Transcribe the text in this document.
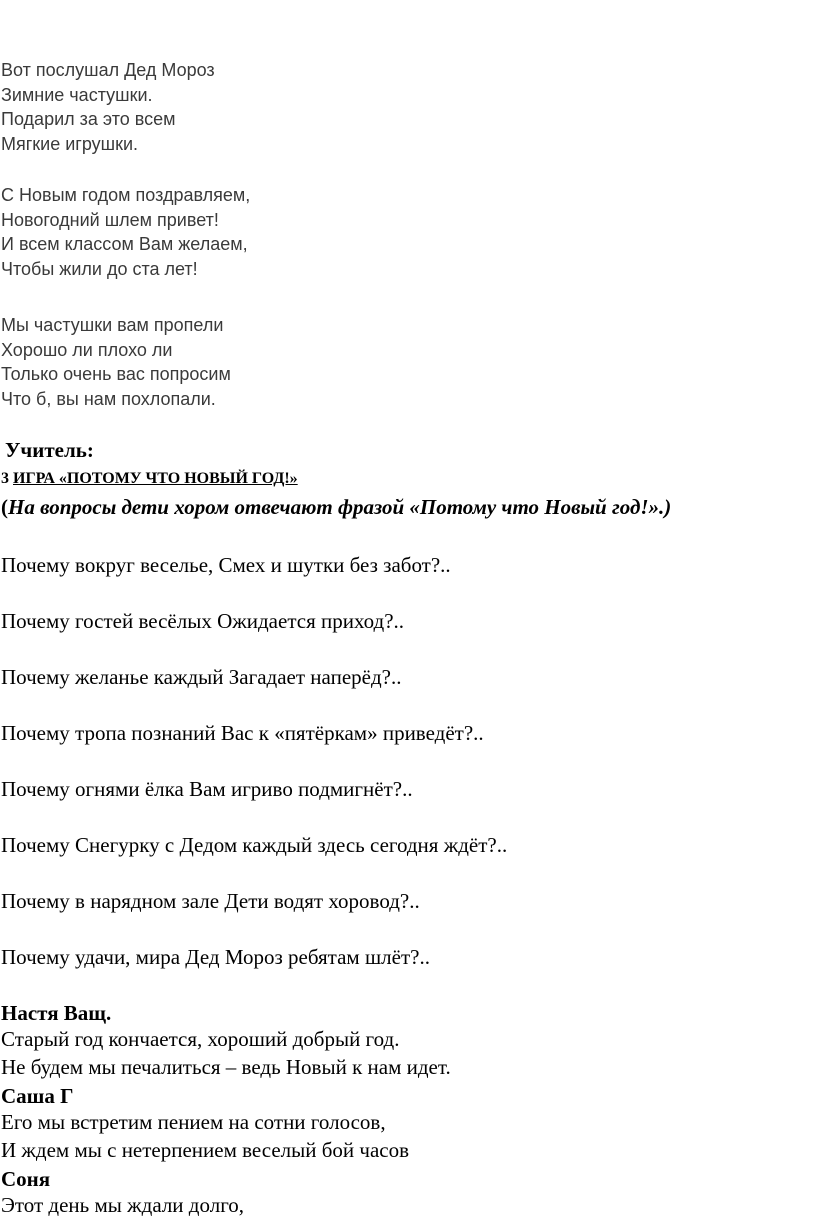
Вот послушал Дед Мороз
Зимние частушки.
Подарил за это всем
Мягкие игрушки.
С Новым годом поздравляем,
Новогодний шлем привет!
И всем классом Вам желаем,
Чтобы жили до ста лет!
Мы частушки вам пропели
Хорошо ли плохо ли
Только очень вас попросим
Что б, вы нам похлопали.
Учитель:
3 ИГРА «ПОТОМУ ЧТО НОВЫЙ ГОД!»
(На вопросы дети хором отвечают фразой «Потому что Новый год!».)
Почему вокруг веселье, Смех и шутки без забот?..
Почему гостей весёлых Ожидается приход?..
Почему желанье каждый Загадает наперёд?..
Почему тропа познаний Вас к «пятёркам» приведёт?..
Почему огнями ёлка Вам игриво подмигнёт?..
Почему Снегурку с Дедом каждый здесь сегодня ждёт?..
Почему в нарядном зале Дети водят хоровод?..
Почему удачи, мира Дед Мороз ребятам шлёт?..
Настя Ващ.
Старый год кончается, хороший добрый год.
Не будем мы печалиться – ведь Новый к нам идет.
Саша Г
Его мы встретим пением на сотни голосов,
И ждем мы с нетерпением веселый бой часов
Соня
Этот день мы ждали долго,
